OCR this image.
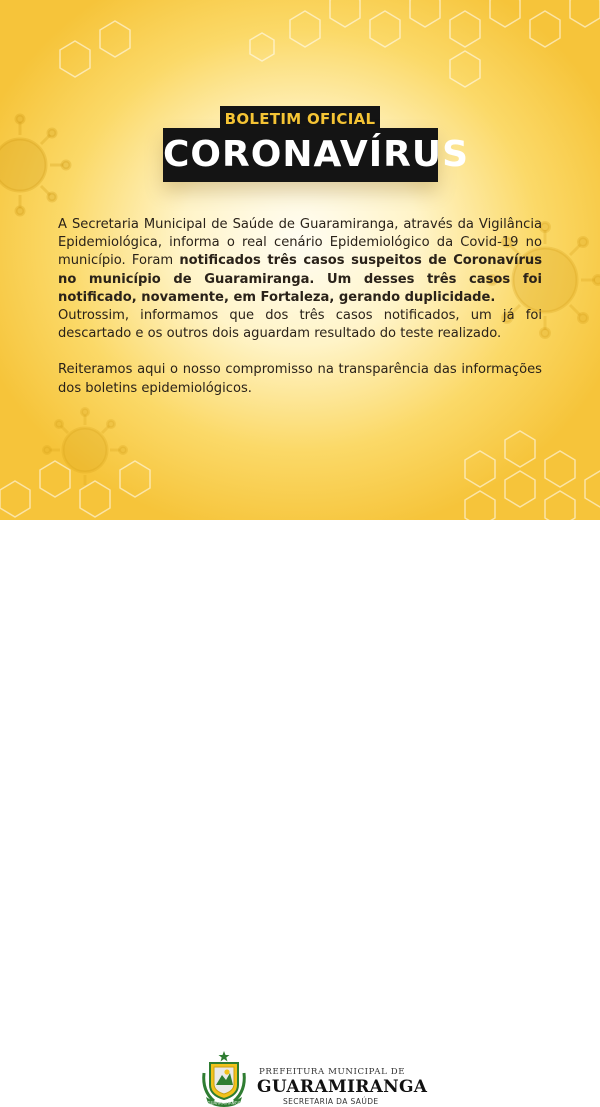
BOLETIM OFICIAL
CORONAVÍRUS

A Secretaria Municipal de Saúde de Guaramiranga, através da Vigilância Epidemiológica, informa o real cenário Epidemiológico da Covid-19 no município. Foram notificados três casos suspeitos de Coronavírus no município de Guaramiranga. Um desses três casos foi notificado, novamente, em Fortaleza, gerando duplicidade.

Outrossim, informamos que dos três casos notificados, um já foi descartado e os outros dois aguardam resultado do teste realizado.

Reiteramos aqui o nosso compromisso na transparência das informações dos boletins epidemiológicos.

GUARAMIRANGA
PREFEITURA MUNICIPAL DE
GUARAMIRANGA
SECRETARIA DA SAÚDE
